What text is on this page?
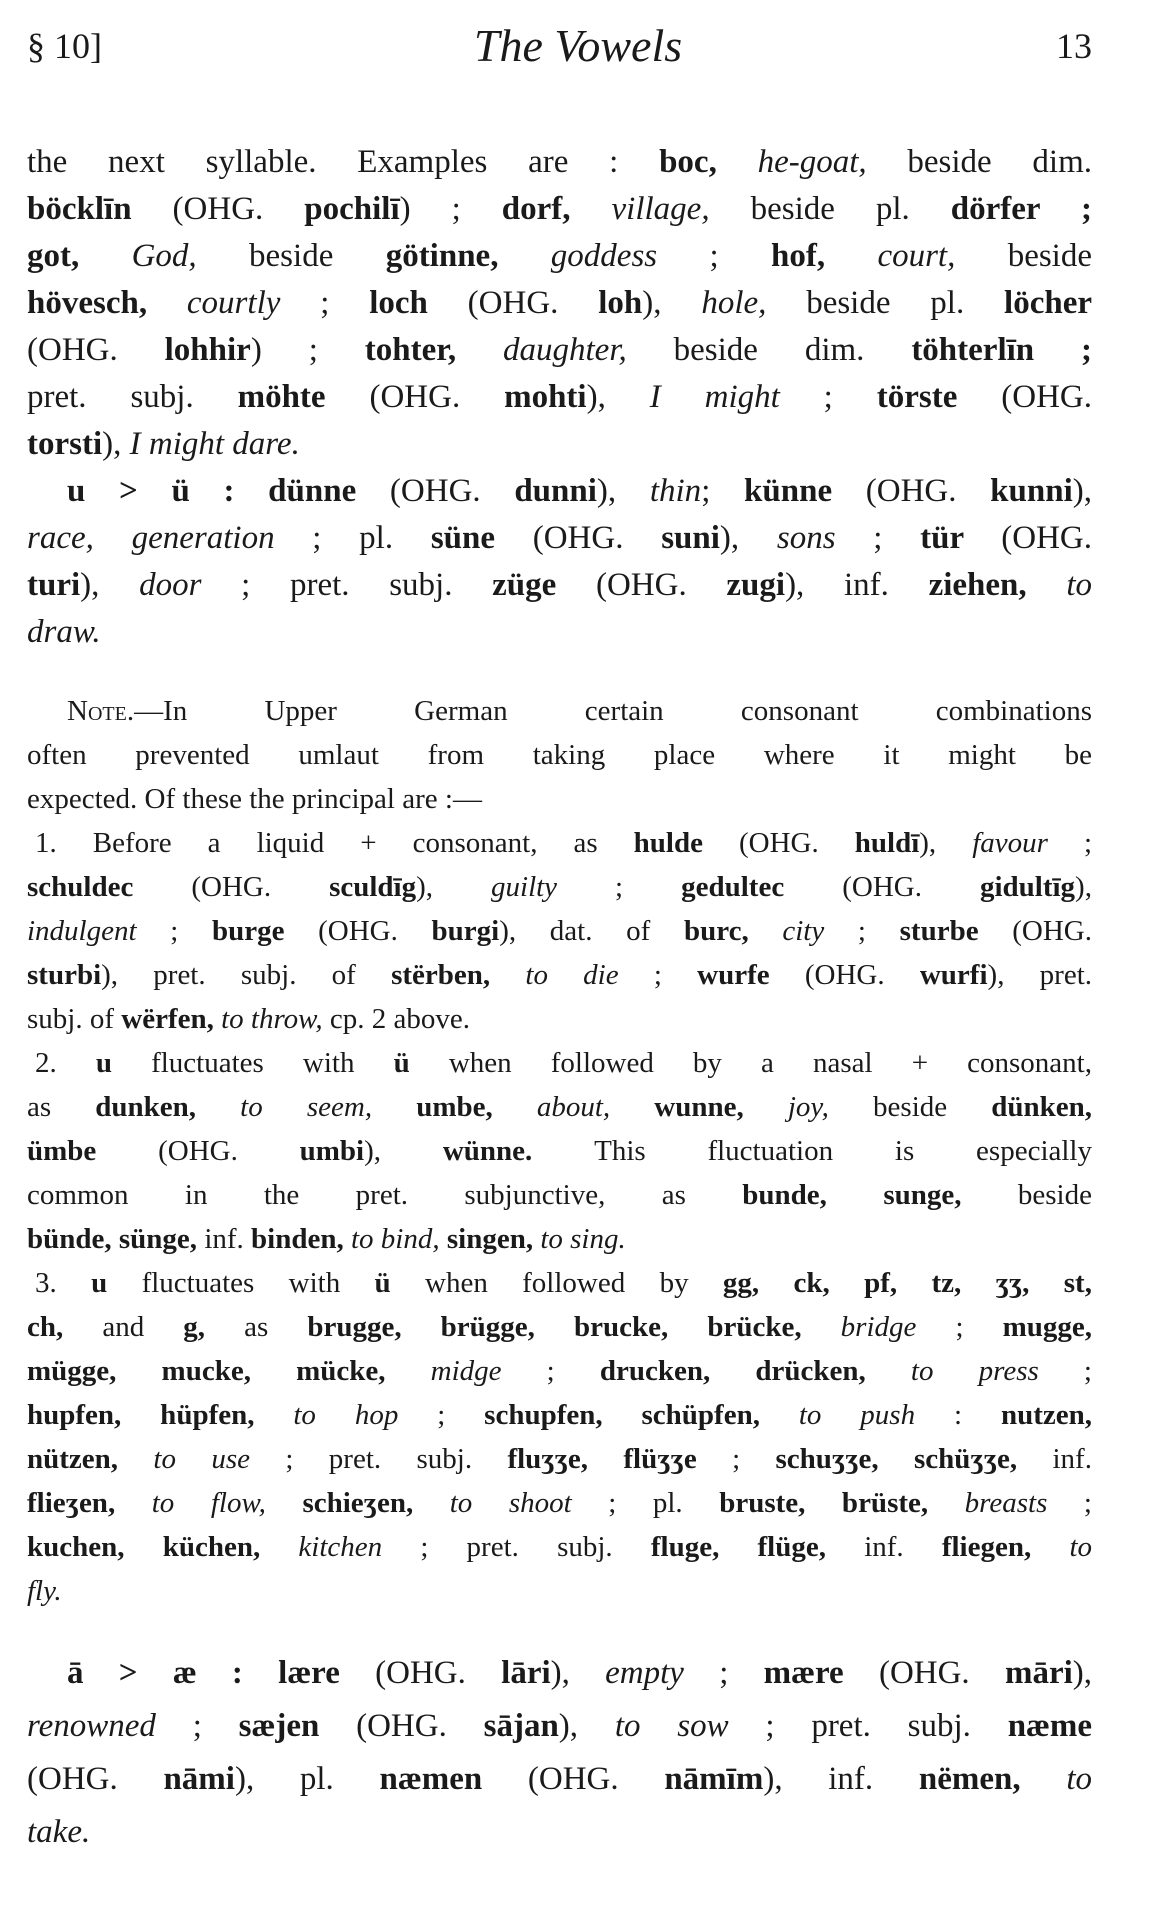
§ 10]	The Vowels	13
the next syllable. Examples are : boc, he-goat, beside dim.
böcklīn (OHG. pochilī) ; dorf, village, beside pl. dörfer ;
got, God, beside götinne, goddess ; hof, court, beside
hövesch, courtly ; loch (OHG. loh), hole, beside pl. löcher
(OHG. lohhir) ; tohter, daughter, beside dim. töhterlīn ;
pret. subj. möhte (OHG. mohti), I might ; törste (OHG.
torsti), I might dare.
u > ü : dünne (OHG. dunni), thin; künne (OHG. kunni),
race, generation ; pl. süne (OHG. suni), sons ; tür (OHG.
turi), door ; pret. subj. züge (OHG. zugi), inf. ziehen, to
draw.
Note.—In Upper German certain consonant combinations
often prevented umlaut from taking place where it might be
expected. Of these the principal are :—
1. Before a liquid + consonant, as hulde (OHG. huldī), favour ;
schuldec (OHG. sculdīg), guilty ; gedultec (OHG. gidultīg),
indulgent ; burge (OHG. burgi), dat. of burc, city ; sturbe (OHG.
sturbi), pret. subj. of stërben, to die ; wurfe (OHG. wurfi), pret.
subj. of wërfen, to throw, cp. 2 above.
2. u fluctuates with ü when followed by a nasal + consonant,
as dunken, to seem, umbe, about, wunne, joy, beside dünken,
ümbe (OHG. umbi), wünne. This fluctuation is especially
common in the pret. subjunctive, as bunde, sunge, beside
bünde, sünge, inf. binden, to bind, singen, to sing.
3. u fluctuates with ü when followed by gg, ck, pf, tz, ʒʒ, st,
ch, and g, as brugge, brügge, brucke, brücke, bridge ; mugge,
mügge, mucke, mücke, midge ; drucken, drücken, to press ;
hupfen, hüpfen, to hop ; schupfen, schüpfen, to push : nutzen,
nützen, to use ; pret. subj. fluʒʒe, flüʒʒe ; schuʒʒe, schüʒʒe, inf.
flieʒen, to flow, schieʒen, to shoot ; pl. bruste, brüste, breasts ;
kuchen, küchen, kitchen ; pret. subj. fluge, flüge, inf. fliegen, to
fly.
ā > æ : lære (OHG. lāri), empty ; mære (OHG. māri),
renowned ; sæjen (OHG. sājan), to sow ; pret. subj. næme
(OHG. nāmi), pl. næmen (OHG. nāmīm), inf. nëmen, to
take.
